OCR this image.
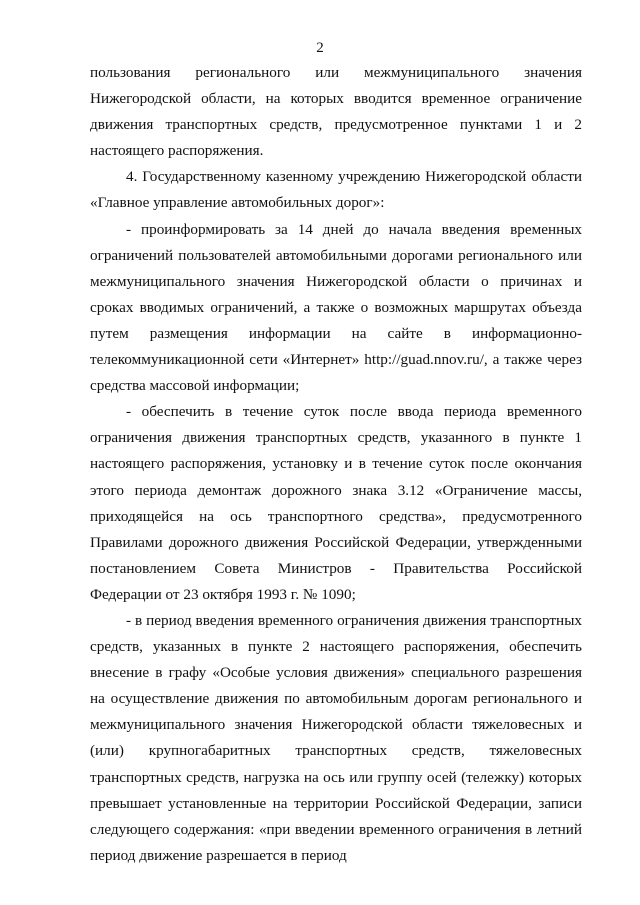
2

пользования регионального или межмуниципального значения Нижегородской области, на которых вводится временное ограничение движения транспортных средств, предусмотренное пунктами 1 и 2 настоящего распоряжения.

4. Государственному казенному учреждению Нижегородской области «Главное управление автомобильных дорог»:

- проинформировать за 14 дней до начала введения временных ограничений пользователей автомобильными дорогами регионального или межмуниципального значения Нижегородской области о причинах и сроках вводимых ограничений, а также о возможных маршрутах объезда путем размещения информации на сайте в информационно-телекоммуникационной сети «Интернет» http://guad.nnov.ru/, а также через средства массовой информации;

- обеспечить в течение суток после ввода периода временного ограничения движения транспортных средств, указанного в пункте 1 настоящего распоряжения, установку и в течение суток после окончания этого периода демонтаж дорожного знака 3.12 «Ограничение массы, приходящейся на ось транспортного средства», предусмотренного Правилами дорожного движения Российской Федерации, утвержденными постановлением Совета Министров - Правительства Российской Федерации от 23 октября 1993 г. № 1090;

- в период введения временного ограничения движения транспортных средств, указанных в пункте 2 настоящего распоряжения, обеспечить внесение в графу «Особые условия движения» специального разрешения на осуществление движения по автомобильным дорогам регионального и межмуниципального значения Нижегородской области тяжеловесных и (или) крупногабаритных транспортных средств, тяжеловесных транспортных средств, нагрузка на ось или группу осей (тележку) которых превышает установленные на территории Российской Федерации, записи следующего содержания: «при введении временного ограничения в летний период движение разрешается в период
